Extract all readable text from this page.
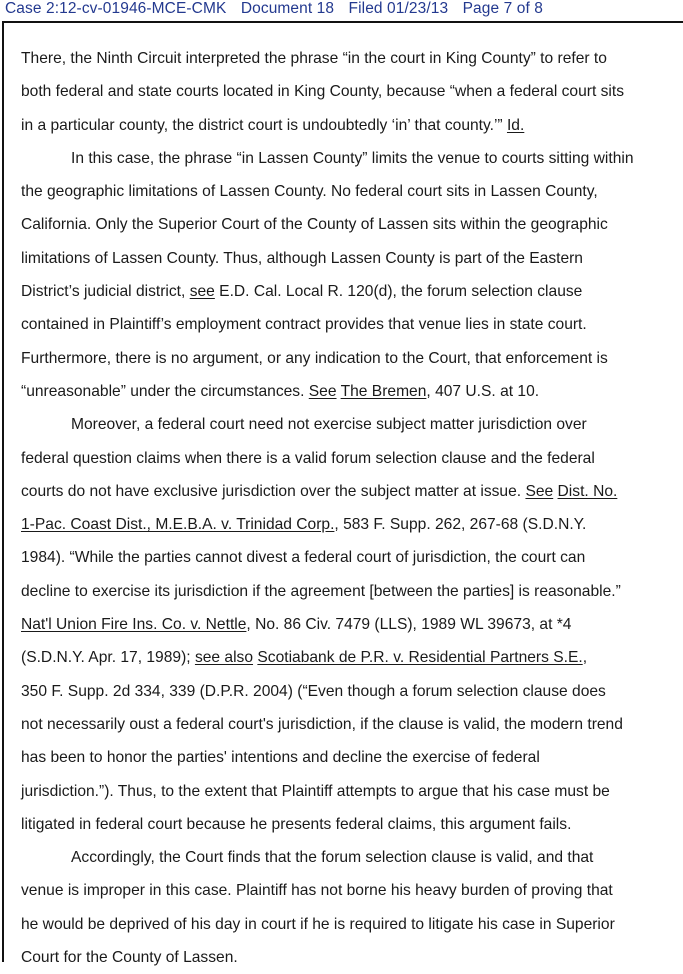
Case 2:12-cv-01946-MCE-CMK Document 18 Filed 01/23/13 Page 7 of 8
There, the Ninth Circuit interpreted the phrase “in the court in King County” to refer to
both federal and state courts located in King County, because “when a federal court sits
in a particular county, the district court is undoubtedly ‘in’ that county.’” Id.
In this case, the phrase “in Lassen County” limits the venue to courts sitting within
the geographic limitations of Lassen County. No federal court sits in Lassen County,
California. Only the Superior Court of the County of Lassen sits within the geographic
limitations of Lassen County. Thus, although Lassen County is part of the Eastern
District’s judicial district, see E.D. Cal. Local R. 120(d), the forum selection clause
contained in Plaintiff’s employment contract provides that venue lies in state court.
Furthermore, there is no argument, or any indication to the Court, that enforcement is
“unreasonable” under the circumstances. See The Bremen, 407 U.S. at 10.
Moreover, a federal court need not exercise subject matter jurisdiction over
federal question claims when there is a valid forum selection clause and the federal
courts do not have exclusive jurisdiction over the subject matter at issue. See Dist. No.
1-Pac. Coast Dist., M.E.B.A. v. Trinidad Corp., 583 F. Supp. 262, 267-68 (S.D.N.Y.
1984). “While the parties cannot divest a federal court of jurisdiction, the court can
decline to exercise its jurisdiction if the agreement [between the parties] is reasonable.”
Nat'l Union Fire Ins. Co. v. Nettle, No. 86 Civ. 7479 (LLS), 1989 WL 39673, at *4
(S.D.N.Y. Apr. 17, 1989); see also Scotiabank de P.R. v. Residential Partners S.E.,
350 F. Supp. 2d 334, 339 (D.P.R. 2004) (“Even though a forum selection clause does
not necessarily oust a federal court's jurisdiction, if the clause is valid, the modern trend
has been to honor the parties' intentions and decline the exercise of federal
jurisdiction.”). Thus, to the extent that Plaintiff attempts to argue that his case must be
litigated in federal court because he presents federal claims, this argument fails.
Accordingly, the Court finds that the forum selection clause is valid, and that
venue is improper in this case. Plaintiff has not borne his heavy burden of proving that
he would be deprived of his day in court if he is required to litigate his case in Superior
Court for the County of Lassen.
